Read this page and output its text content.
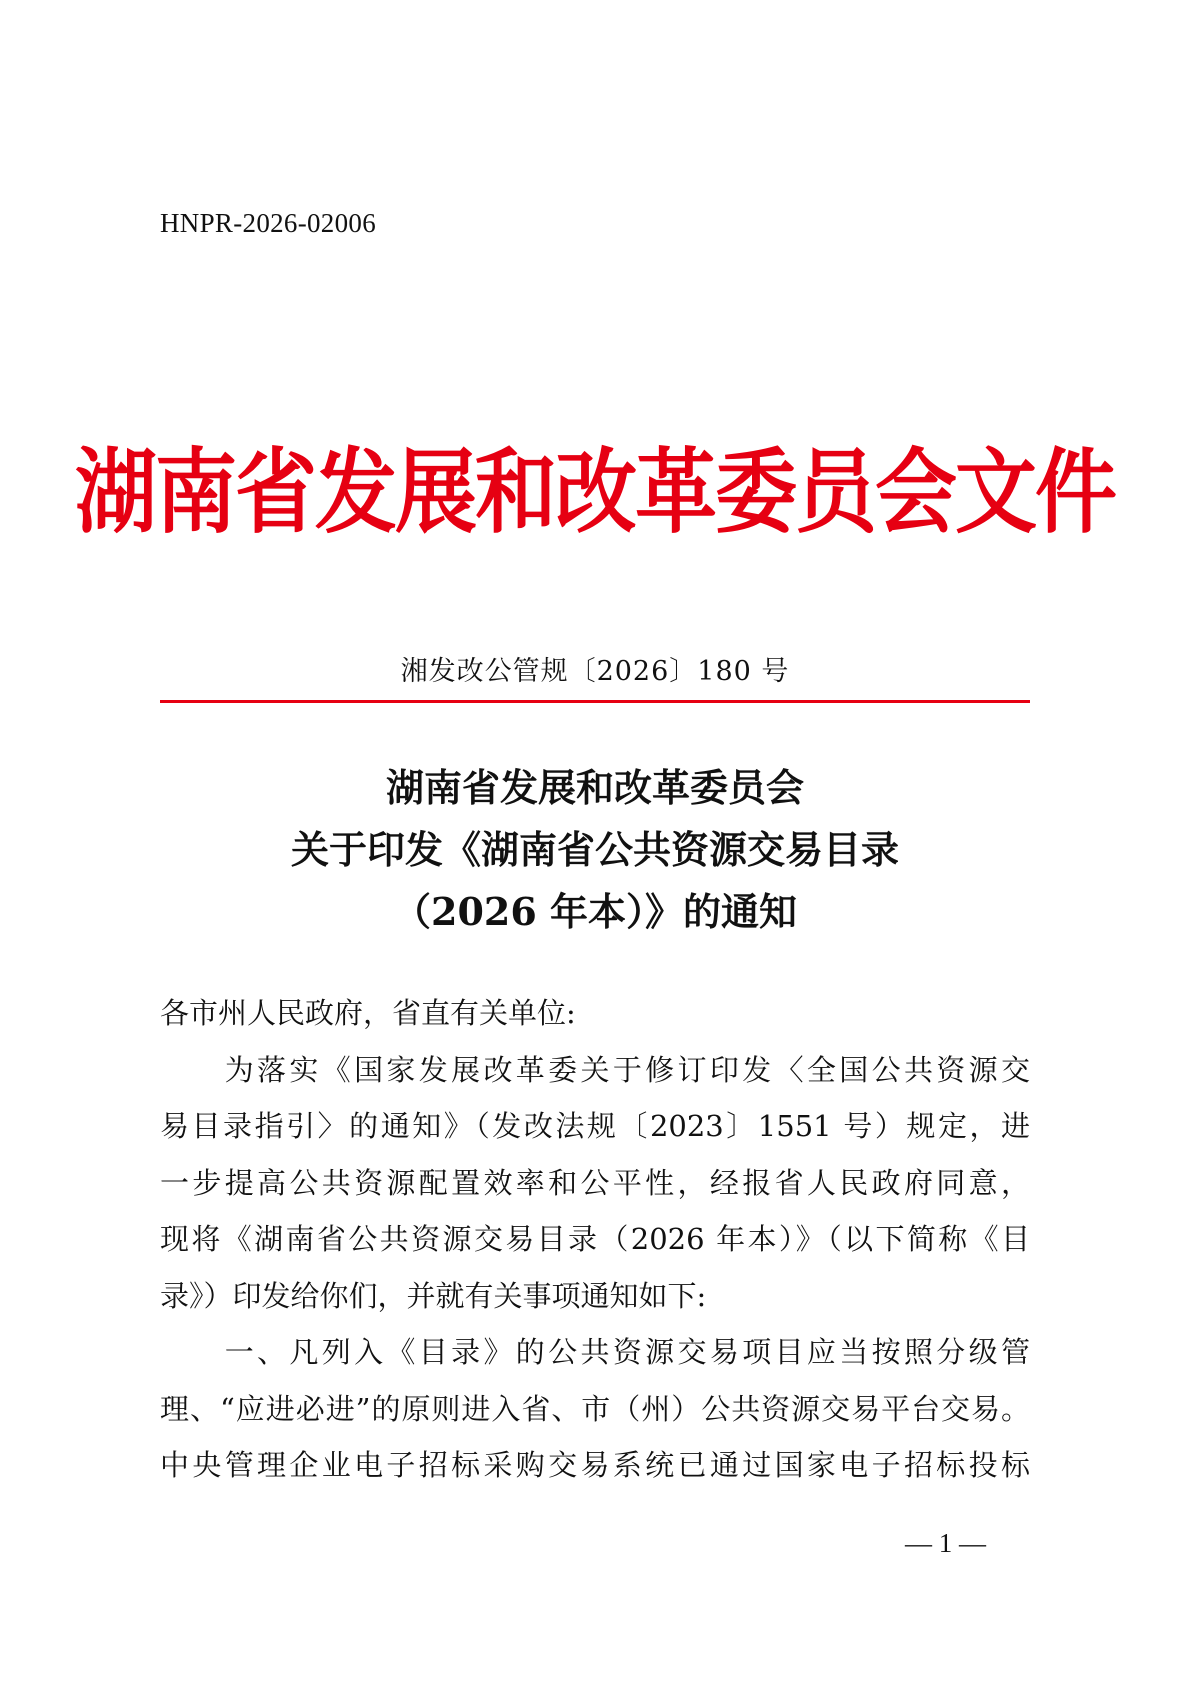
HNPR-2026-02006
湖南省发展和改革委员会文件
湘发改公管规〔2026〕180 号
湖南省发展和改革委员会
关于印发《湖南省公共资源交易目录
（2026 年本）》的通知
各市州人民政府，省直有关单位:
　　为落实《国家发展改革委关于修订印发〈全国公共资源交
易目录指引〉的通知》（发改法规〔2023〕1551 号）规定，进
一步提高公共资源配置效率和公平性，经报省人民政府同意，
现将《湖南省公共资源交易目录（2026 年本）》（以下简称《目
录》）印发给你们，并就有关事项通知如下:
　　一、凡列入《目录》的公共资源交易项目应当按照分级管
理、“应进必进”的原则进入省、市（州）公共资源交易平台交易。
中央管理企业电子招标采购交易系统已通过国家电子招标投标
— 1 —
